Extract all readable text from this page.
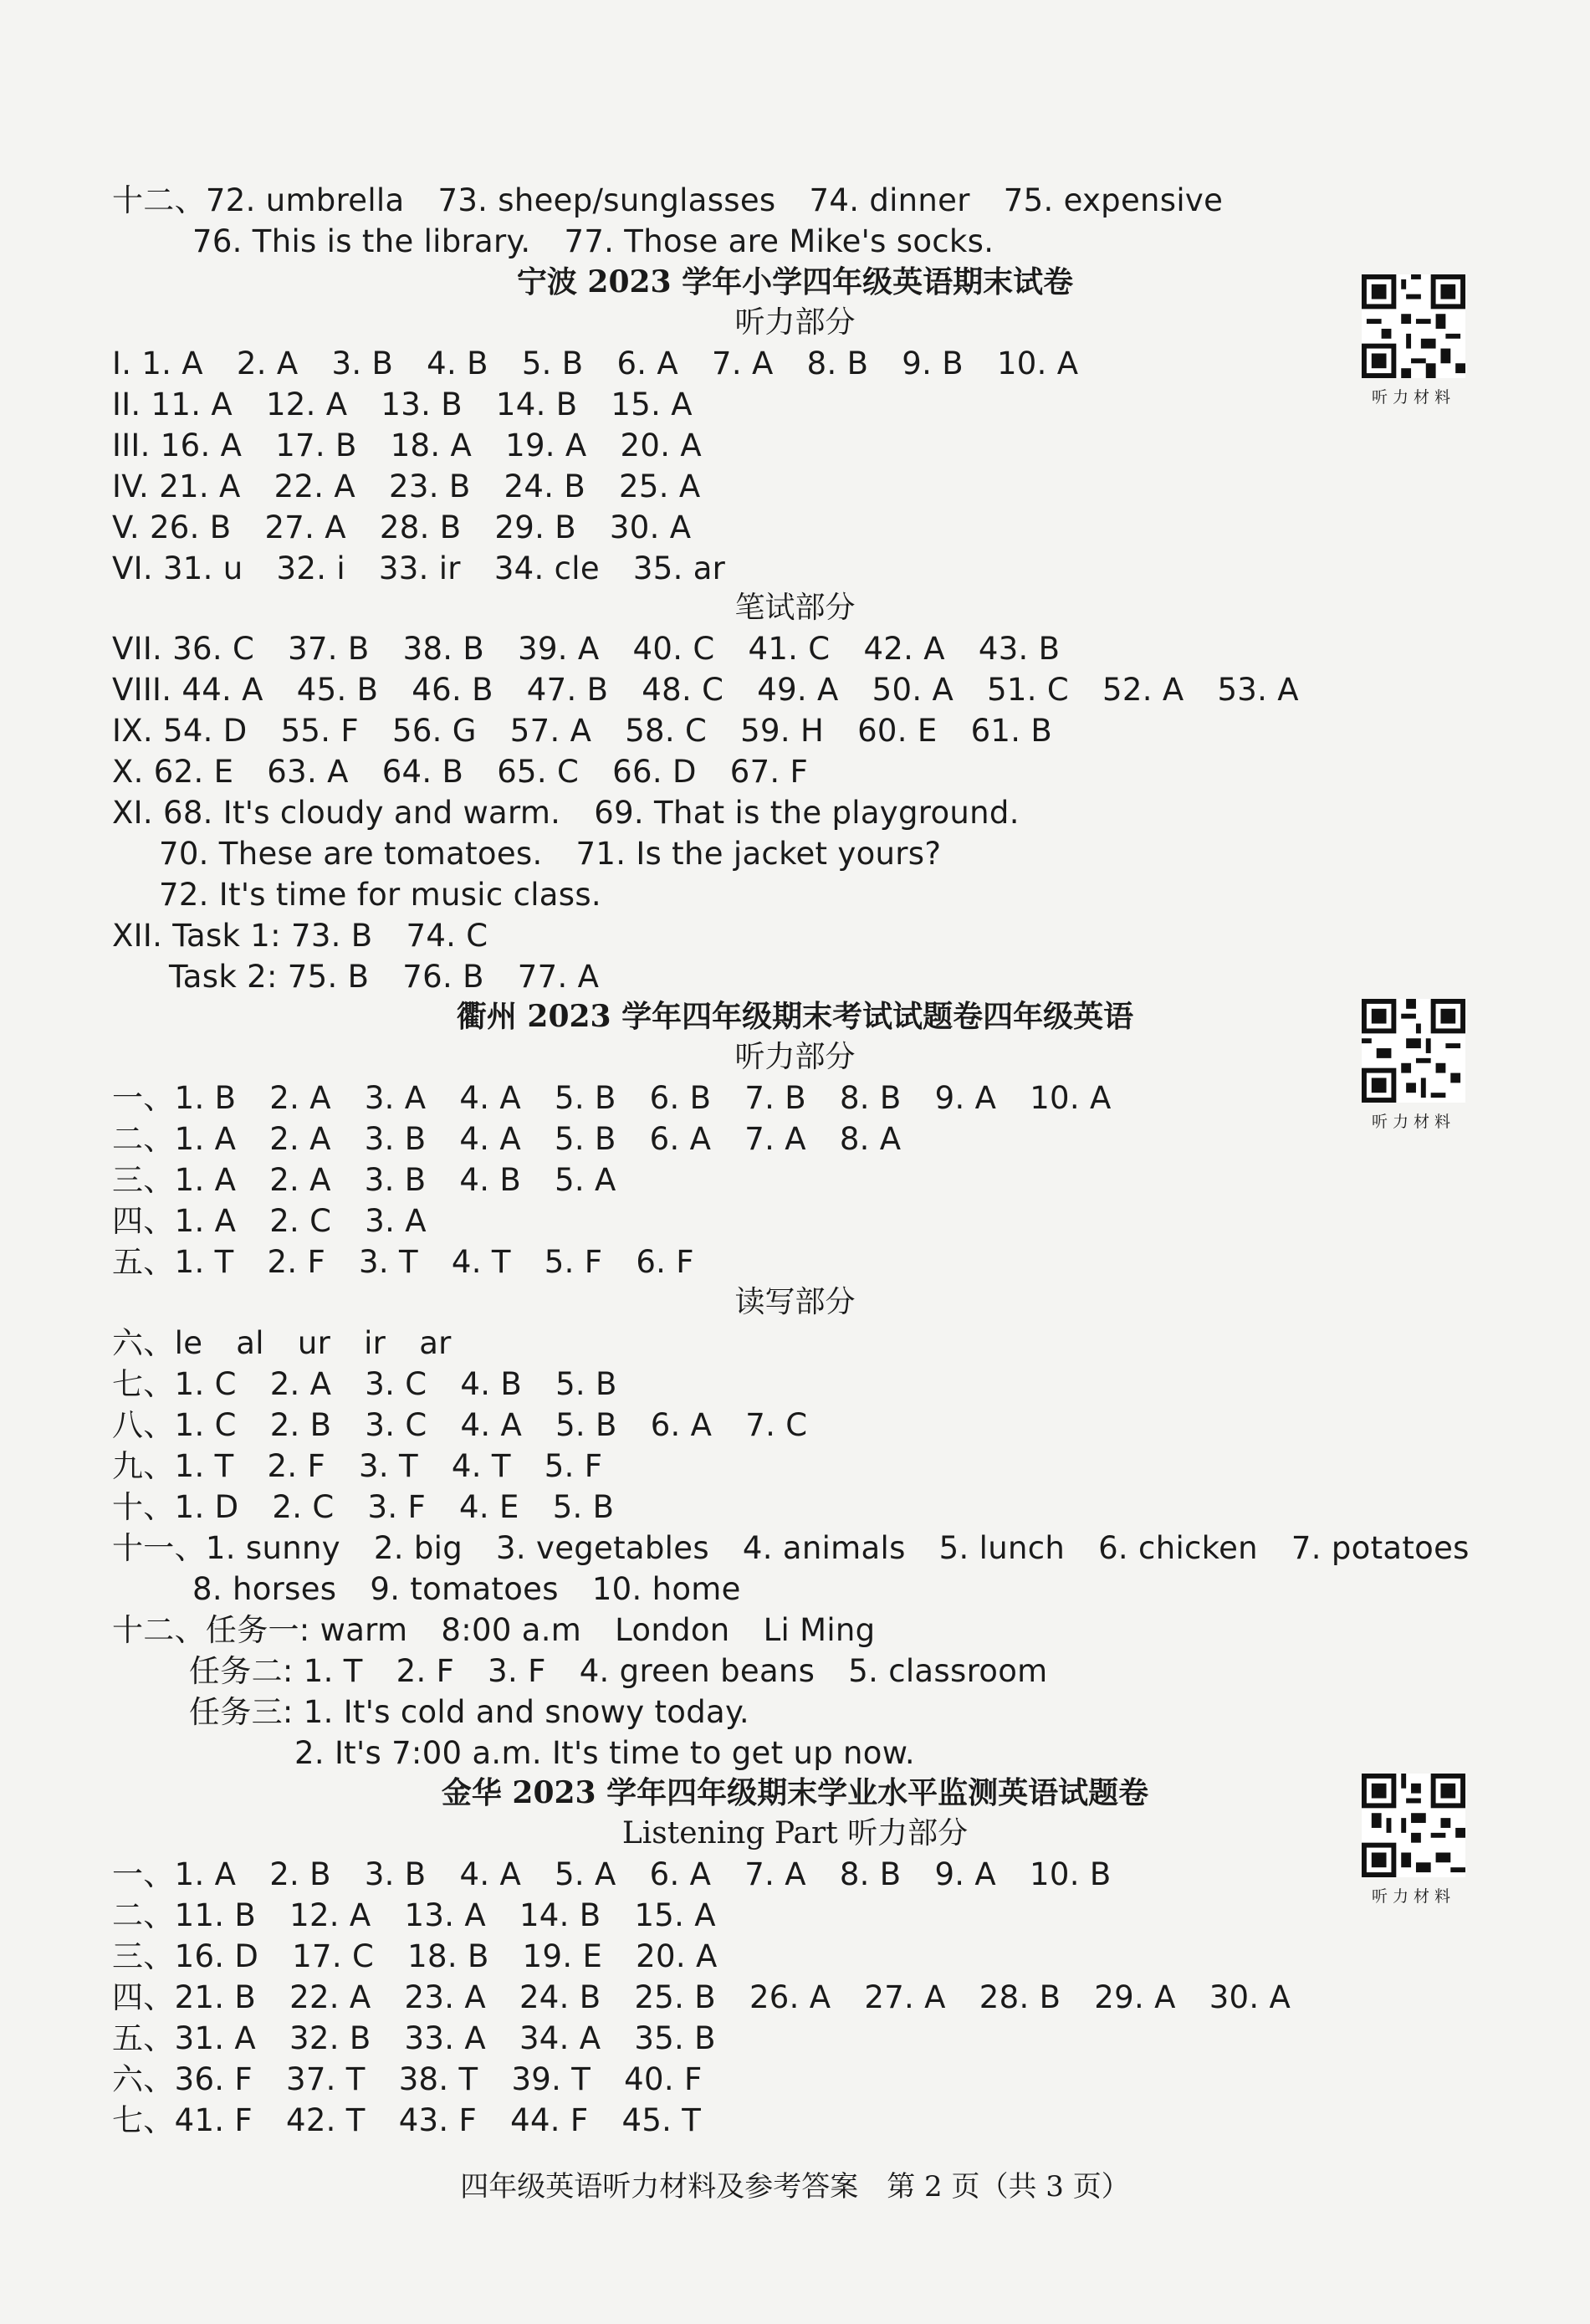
十二、72. umbrella 73. sheep/sunglasses 74. dinner 75. expensive
76. This is the library. 77. Those are Mike's socks.
宁波 2023 学年小学四年级英语期末试卷
听力部分
I. 1. A 2. A 3. B 4. B 5. B 6. A 7. A 8. B 9. B 10. A
II. 11. A 12. A 13. B 14. B 15. A
III. 16. A 17. B 18. A 19. A 20. A
IV. 21. A 22. A 23. B 24. B 25. A
V. 26. B 27. A 28. B 29. B 30. A
VI. 31. u 32. i 33. ir 34. cle 35. ar
笔试部分
VII. 36. C 37. B 38. B 39. A 40. C 41. C 42. A 43. B
VIII. 44. A 45. B 46. B 47. B 48. C 49. A 50. A 51. C 52. A 53. A
IX. 54. D 55. F 56. G 57. A 58. C 59. H 60. E 61. B
X. 62. E 63. A 64. B 65. C 66. D 67. F
XI. 68. It's cloudy and warm. 69. That is the playground.
70. These are tomatoes. 71. Is the jacket yours?
72. It's time for music class.
XII. Task 1: 73. B 74. C
Task 2: 75. B 76. B 77. A
衢州 2023 学年四年级期末考试试题卷四年级英语
听力部分
一、1. B 2. A 3. A 4. A 5. B 6. B 7. B 8. B 9. A 10. A
二、1. A 2. A 3. B 4. A 5. B 6. A 7. A 8. A
三、1. A 2. A 3. B 4. B 5. A
四、1. A 2. C 3. A
五、1. T 2. F 3. T 4. T 5. F 6. F
读写部分
六、le al ur ir ar
七、1. C 2. A 3. C 4. B 5. B
八、1. C 2. B 3. C 4. A 5. B 6. A 7. C
九、1. T 2. F 3. T 4. T 5. F
十、1. D 2. C 3. F 4. E 5. B
十一、1. sunny 2. big 3. vegetables 4. animals 5. lunch 6. chicken 7. potatoes
8. horses 9. tomatoes 10. home
十二、任务一: warm 8:00 a.m London Li Ming
任务二: 1. T 2. F 3. F 4. green beans 5. classroom
任务三: 1. It's cold and snowy today.
2. It's 7:00 a.m. It's time to get up now.
金华 2023 学年四年级期末学业水平监测英语试题卷
Listening Part 听力部分
一、1. A 2. B 3. B 4. A 5. A 6. A 7. A 8. B 9. A 10. B
二、11. B 12. A 13. A 14. B 15. A
三、16. D 17. C 18. B 19. E 20. A
四、21. B 22. A 23. A 24. B 25. B 26. A 27. A 28. B 29. A 30. A
五、31. A 32. B 33. A 34. A 35. B
六、36. F 37. T 38. T 39. T 40. F
七、41. F 42. T 43. F 44. F 45. T
四年级英语听力材料及参考答案　第 2 页（共 3 页）
听力材料
听力材料
听力材料
